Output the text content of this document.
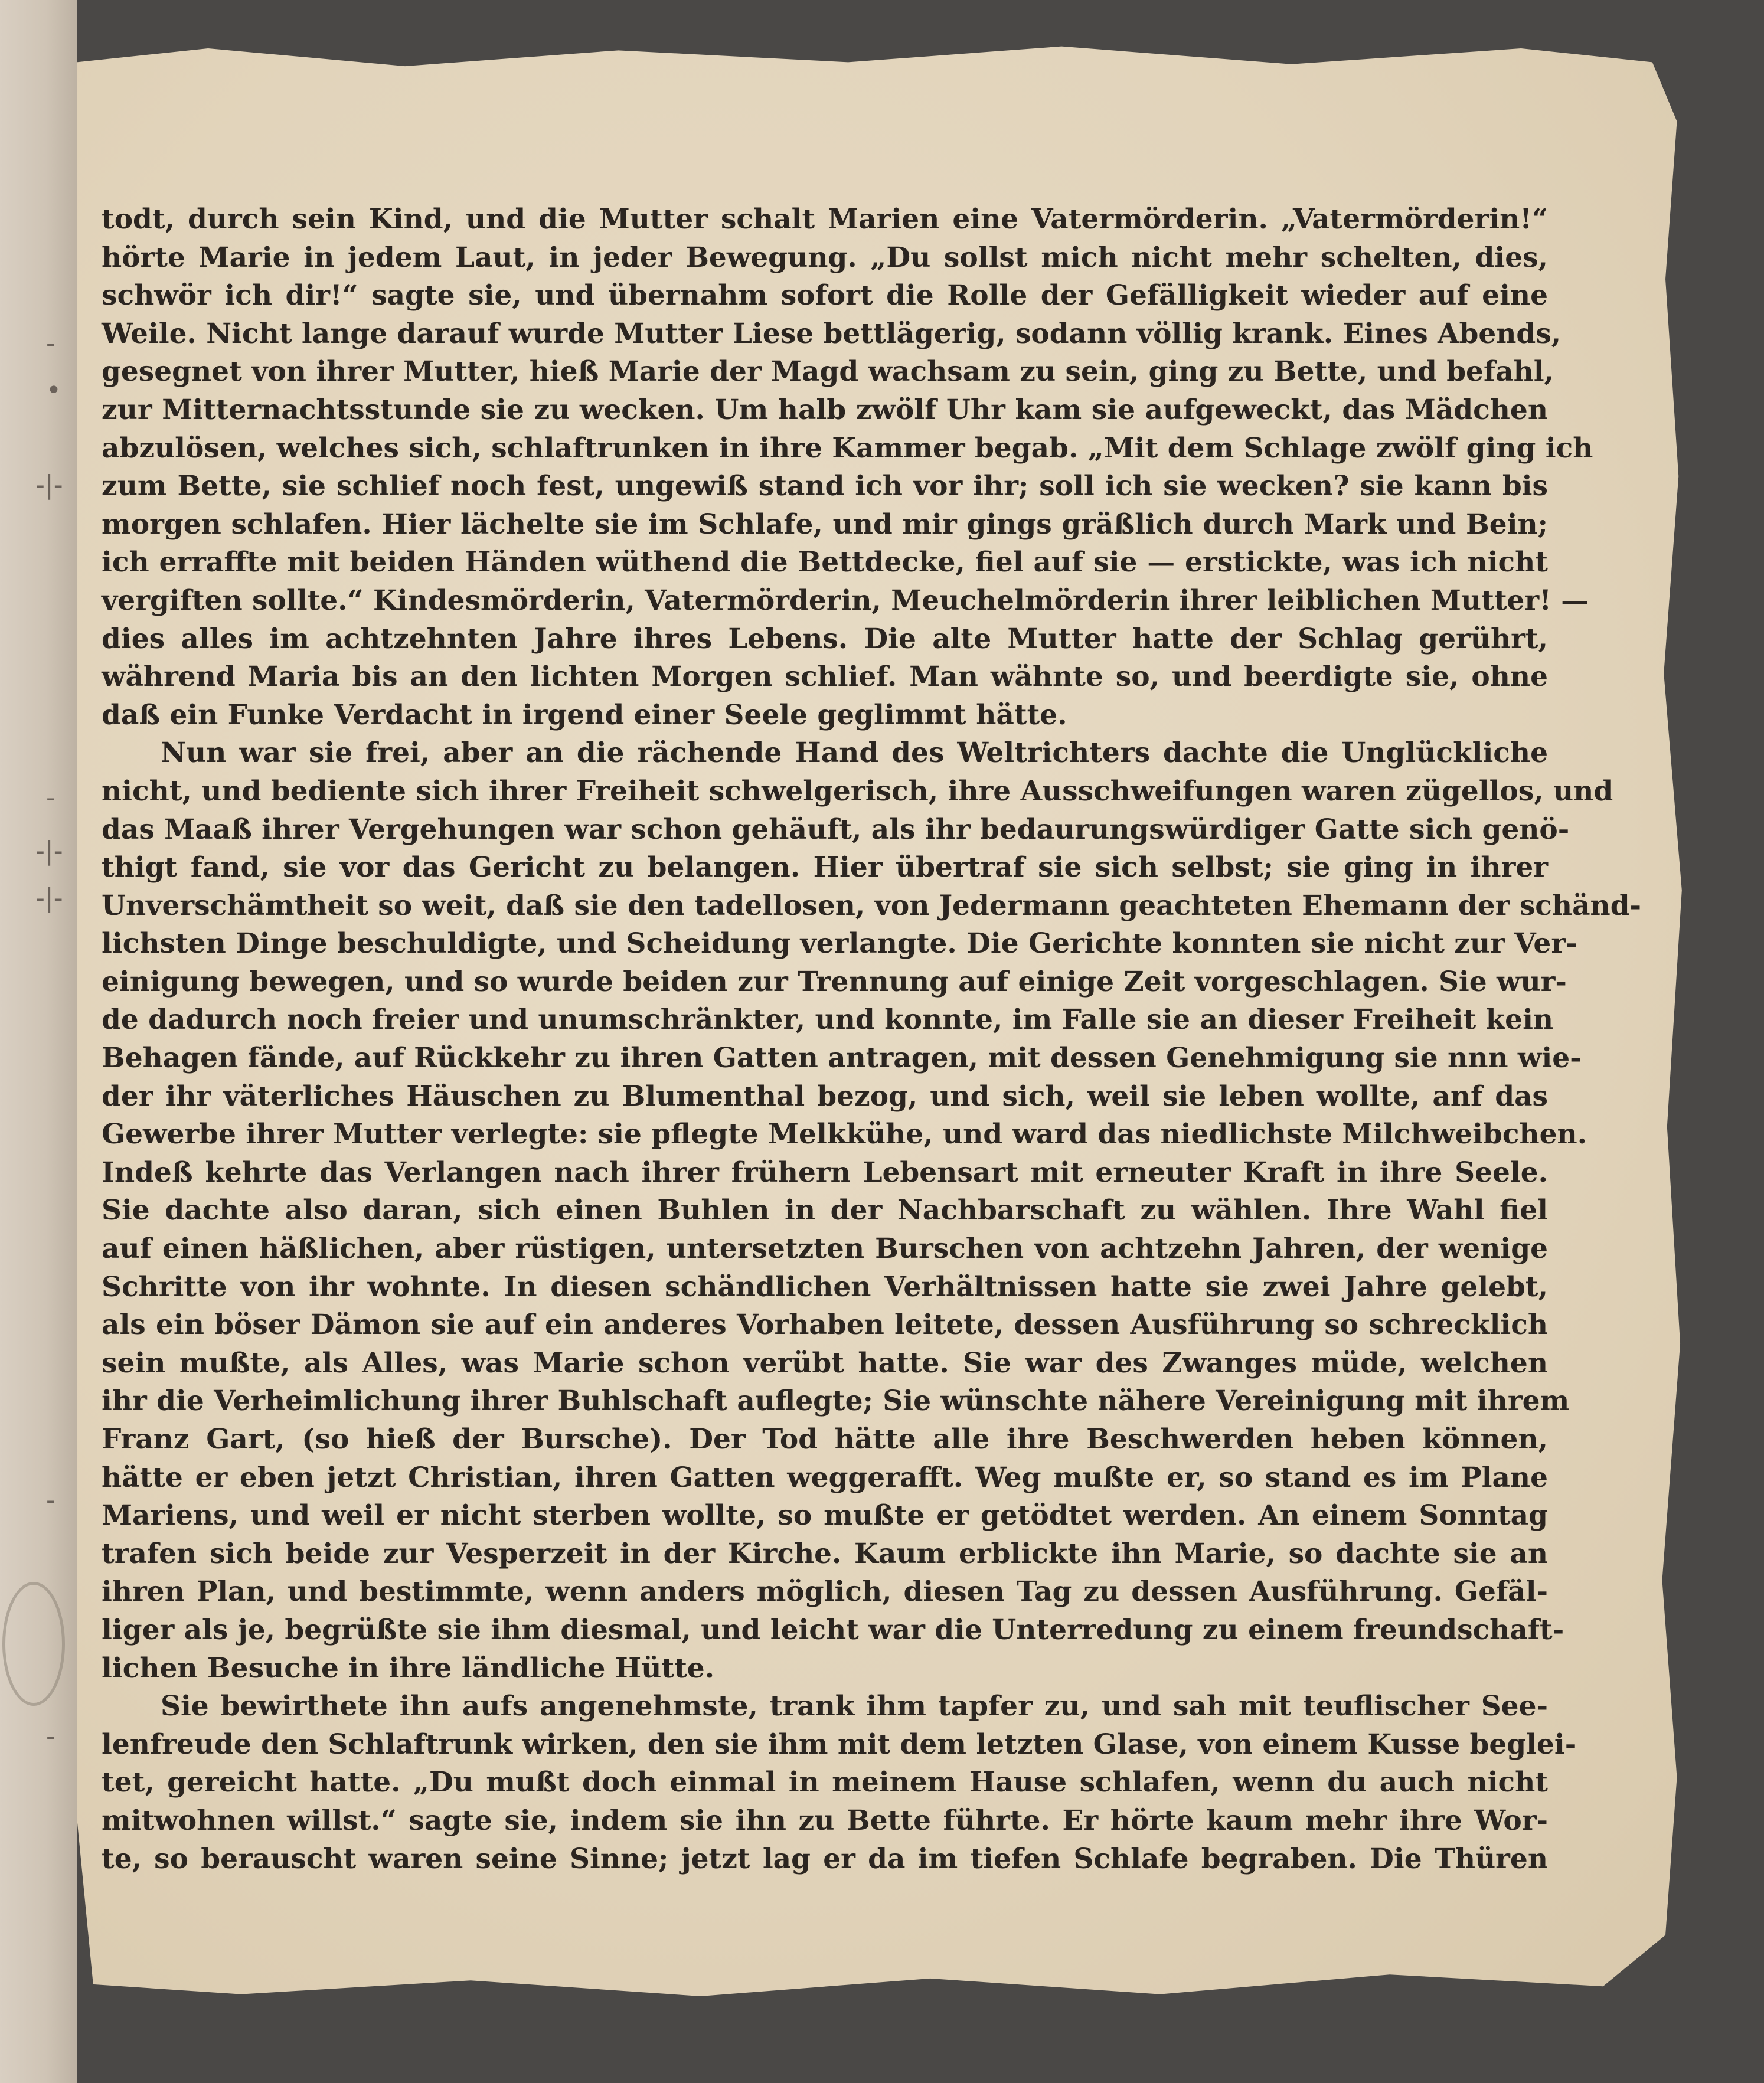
-
•
-|-
-|-
-|-
-
-
-
todt, durch sein Kind, und die Mutter schalt Marien eine Vatermörderin. „Vatermörderin!“
hörte Marie in jedem Laut, in jeder Bewegung. „Du sollst mich nicht mehr schelten, dies,
schwör ich dir!“ sagte sie, und übernahm sofort die Rolle der Gefälligkeit wieder auf eine
Weile. Nicht lange darauf wurde Mutter Liese bettlägerig, sodann völlig krank. Eines Abends,
gesegnet von ihrer Mutter, hieß Marie der Magd wachsam zu sein, ging zu Bette, und befahl,
zur Mitternachtsstunde sie zu wecken. Um halb zwölf Uhr kam sie aufgeweckt, das Mädchen
abzulösen, welches sich, schlaftrunken in ihre Kammer begab. „Mit dem Schlage zwölf ging ich
zum Bette, sie schlief noch fest, ungewiß stand ich vor ihr; soll ich sie wecken? sie kann bis
morgen schlafen. Hier lächelte sie im Schlafe, und mir gings gräßlich durch Mark und Bein;
ich erraffte mit beiden Händen wüthend die Bettdecke, fiel auf sie — erstickte, was ich nicht
vergiften sollte.“ Kindesmörderin, Vatermörderin, Meuchelmörderin ihrer leiblichen Mutter! —
dies alles im achtzehnten Jahre ihres Lebens. Die alte Mutter hatte der Schlag gerührt,
während Maria bis an den lichten Morgen schlief. Man wähnte so, und beerdigte sie, ohne
daß ein Funke Verdacht in irgend einer Seele geglimmt hätte.
Nun war sie frei, aber an die rächende Hand des Weltrichters dachte die Unglückliche
nicht, und bediente sich ihrer Freiheit schwelgerisch, ihre Ausschweifungen waren zügellos, und
das Maaß ihrer Vergehungen war schon gehäuft, als ihr bedaurungswürdiger Gatte sich genö-
thigt fand, sie vor das Gericht zu belangen. Hier übertraf sie sich selbst; sie ging in ihrer
Unverschämtheit so weit, daß sie den tadellosen, von Jedermann geachteten Ehemann der schänd-
lichsten Dinge beschuldigte, und Scheidung verlangte. Die Gerichte konnten sie nicht zur Ver-
einigung bewegen, und so wurde beiden zur Trennung auf einige Zeit vorgeschlagen. Sie wur-
de dadurch noch freier und unumschränkter, und konnte, im Falle sie an dieser Freiheit kein
Behagen fände, auf Rückkehr zu ihren Gatten antragen, mit dessen Genehmigung sie nnn wie-
der ihr väterliches Häuschen zu Blumenthal bezog, und sich, weil sie leben wollte, anf das
Gewerbe ihrer Mutter verlegte: sie pflegte Melkkühe, und ward das niedlichste Milchweibchen.
Indeß kehrte das Verlangen nach ihrer frühern Lebensart mit erneuter Kraft in ihre Seele.
Sie dachte also daran, sich einen Buhlen in der Nachbarschaft zu wählen. Ihre Wahl fiel
auf einen häßlichen, aber rüstigen, untersetzten Burschen von achtzehn Jahren, der wenige
Schritte von ihr wohnte. In diesen schändlichen Verhältnissen hatte sie zwei Jahre gelebt,
als ein böser Dämon sie auf ein anderes Vorhaben leitete, dessen Ausführung so schrecklich
sein mußte, als Alles, was Marie schon verübt hatte. Sie war des Zwanges müde, welchen
ihr die Verheimlichung ihrer Buhlschaft auflegte; Sie wünschte nähere Vereinigung mit ihrem
Franz Gart, (so hieß der Bursche). Der Tod hätte alle ihre Beschwerden heben können,
hätte er eben jetzt Christian, ihren Gatten weggerafft. Weg mußte er, so stand es im Plane
Mariens, und weil er nicht sterben wollte, so mußte er getödtet werden. An einem Sonntag
trafen sich beide zur Vesperzeit in der Kirche. Kaum erblickte ihn Marie, so dachte sie an
ihren Plan, und bestimmte, wenn anders möglich, diesen Tag zu dessen Ausführung. Gefäl-
liger als je, begrüßte sie ihm diesmal, und leicht war die Unterredung zu einem freundschaft-
lichen Besuche in ihre ländliche Hütte.
Sie bewirthete ihn aufs angenehmste, trank ihm tapfer zu, und sah mit teuflischer See-
lenfreude den Schlaftrunk wirken, den sie ihm mit dem letzten Glase, von einem Kusse beglei-
tet, gereicht hatte. „Du mußt doch einmal in meinem Hause schlafen, wenn du auch nicht
mitwohnen willst.“ sagte sie, indem sie ihn zu Bette führte. Er hörte kaum mehr ihre Wor-
te, so berauscht waren seine Sinne; jetzt lag er da im tiefen Schlafe begraben. Die Thüren
